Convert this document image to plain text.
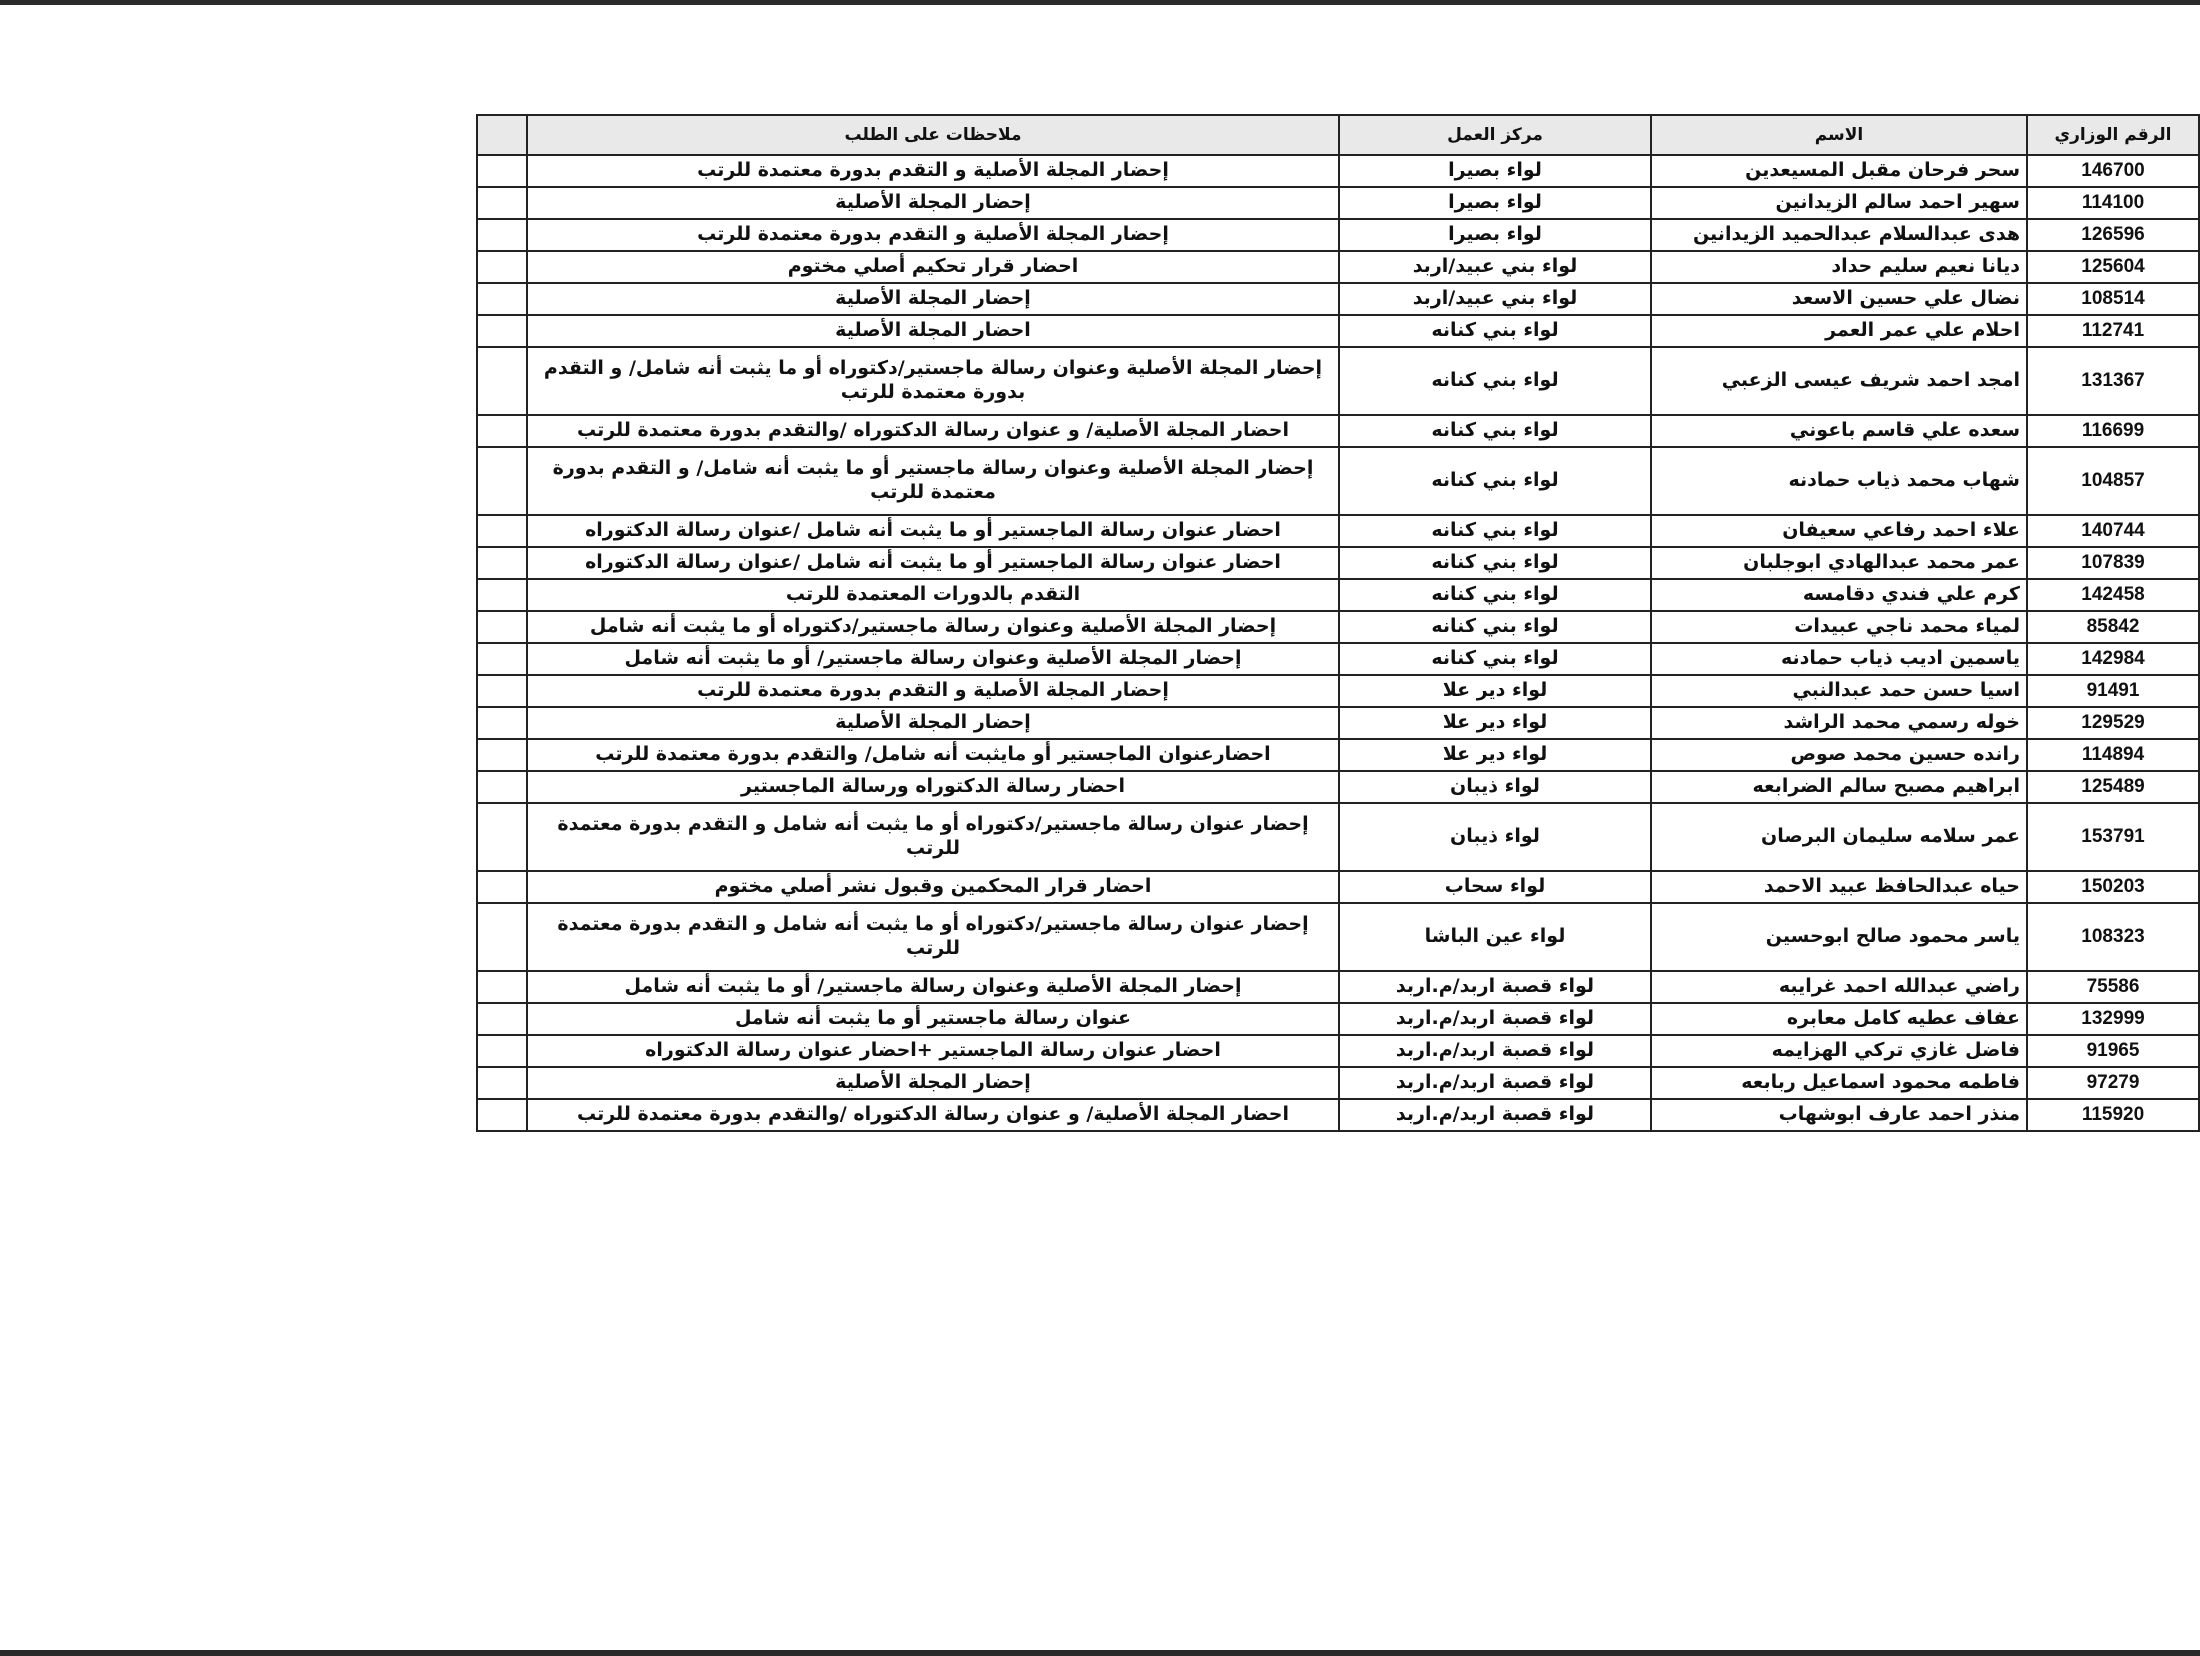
الرقم الوزاري	الاسم	مركز العمل	ملاحظات على الطلب	
146700	سحر فرحان مقبل المسيعدين	لواء بصيرا	إحضار المجلة الأصلية و التقدم بدورة معتمدة للرتب	
114100	سهير احمد سالم الزيدانين	لواء بصيرا	إحضار المجلة الأصلية	
126596	هدى عبدالسلام عبدالحميد الزيدانين	لواء بصيرا	إحضار المجلة الأصلية و التقدم بدورة معتمدة للرتب	
125604	ديانا نعيم سليم حداد	لواء بني عبيد/اربد	احضار قرار تحكيم أصلي مختوم	
108514	نضال علي حسين الاسعد	لواء بني عبيد/اربد	إحضار المجلة الأصلية	
112741	احلام علي عمر العمر	لواء بني كنانه	احضار المجلة الأصلية	
131367	امجد احمد شريف عيسى الزعبي	لواء بني كنانه	إحضار المجلة الأصلية وعنوان رسالة ماجستير/دكتوراه أو ما يثبت أنه شامل/ و التقدم بدورة معتمدة للرتب	
116699	سعده علي قاسم باعوني	لواء بني كنانه	احضار المجلة الأصلية/ و عنوان رسالة الدكتوراه /والتقدم بدورة معتمدة للرتب	
104857	شهاب محمد ذياب حمادنه	لواء بني كنانه	إحضار المجلة الأصلية وعنوان رسالة ماجستير أو ما يثبت أنه شامل/ و التقدم بدورة معتمدة للرتب	
140744	علاء احمد رفاعي سعيفان	لواء بني كنانه	احضار عنوان رسالة الماجستير أو ما يثبت أنه شامل /عنوان رسالة الدكتوراه	
107839	عمر محمد عبدالهادي ابوجلبان	لواء بني كنانه	احضار عنوان رسالة الماجستير أو ما يثبت أنه شامل /عنوان رسالة الدكتوراه	
142458	كرم علي فندي دقامسه	لواء بني كنانه	التقدم بالدورات المعتمدة للرتب	
85842	لمياء محمد ناجي عبيدات	لواء بني كنانه	إحضار المجلة الأصلية وعنوان رسالة ماجستير/دكتوراه أو ما يثبت أنه شامل	
142984	ياسمين اديب ذياب حمادنه	لواء بني كنانه	إحضار المجلة الأصلية وعنوان رسالة ماجستير/ أو ما يثبت أنه شامل	
91491	اسيا حسن حمد عبدالنبي	لواء دير علا	إحضار المجلة الأصلية و التقدم بدورة معتمدة للرتب	
129529	خوله رسمي محمد الراشد	لواء دير علا	إحضار المجلة الأصلية	
114894	رانده حسين محمد صوص	لواء دير علا	احضارعنوان الماجستير أو مايثبت أنه شامل/ والتقدم بدورة معتمدة للرتب	
125489	ابراهيم مصبح سالم الضرابعه	لواء ذيبان	احضار رسالة الدكتوراه ورسالة الماجستير	
153791	عمر سلامه سليمان البرصان	لواء ذيبان	إحضار عنوان رسالة ماجستير/دكتوراه أو ما يثبت أنه شامل و التقدم بدورة معتمدة للرتب	
150203	حياه عبدالحافظ عبيد الاحمد	لواء سحاب	احضار قرار المحكمين وقبول نشر أصلي مختوم	
108323	ياسر محمود صالح ابوحسين	لواء عين الباشا	إحضار عنوان رسالة ماجستير/دكتوراه أو ما يثبت أنه شامل و التقدم بدورة معتمدة للرتب	
75586	راضي عبدالله احمد غرايبه	لواء قصبة اربد/م.اربد	إحضار المجلة الأصلية وعنوان رسالة ماجستير/ أو ما يثبت أنه شامل	
132999	عفاف عطيه كامل معابره	لواء قصبة اربد/م.اربد	عنوان رسالة ماجستير أو ما يثبت أنه شامل	
91965	فاضل غازي تركي الهزايمه	لواء قصبة اربد/م.اربد	احضار عنوان رسالة الماجستير +احضار عنوان رسالة الدكتوراه	
97279	فاطمه محمود اسماعيل ربابعه	لواء قصبة اربد/م.اربد	إحضار المجلة الأصلية	
115920	منذر احمد عارف ابوشهاب	لواء قصبة اربد/م.اربد	احضار المجلة الأصلية/ و عنوان رسالة الدكتوراه /والتقدم بدورة معتمدة للرتب	
